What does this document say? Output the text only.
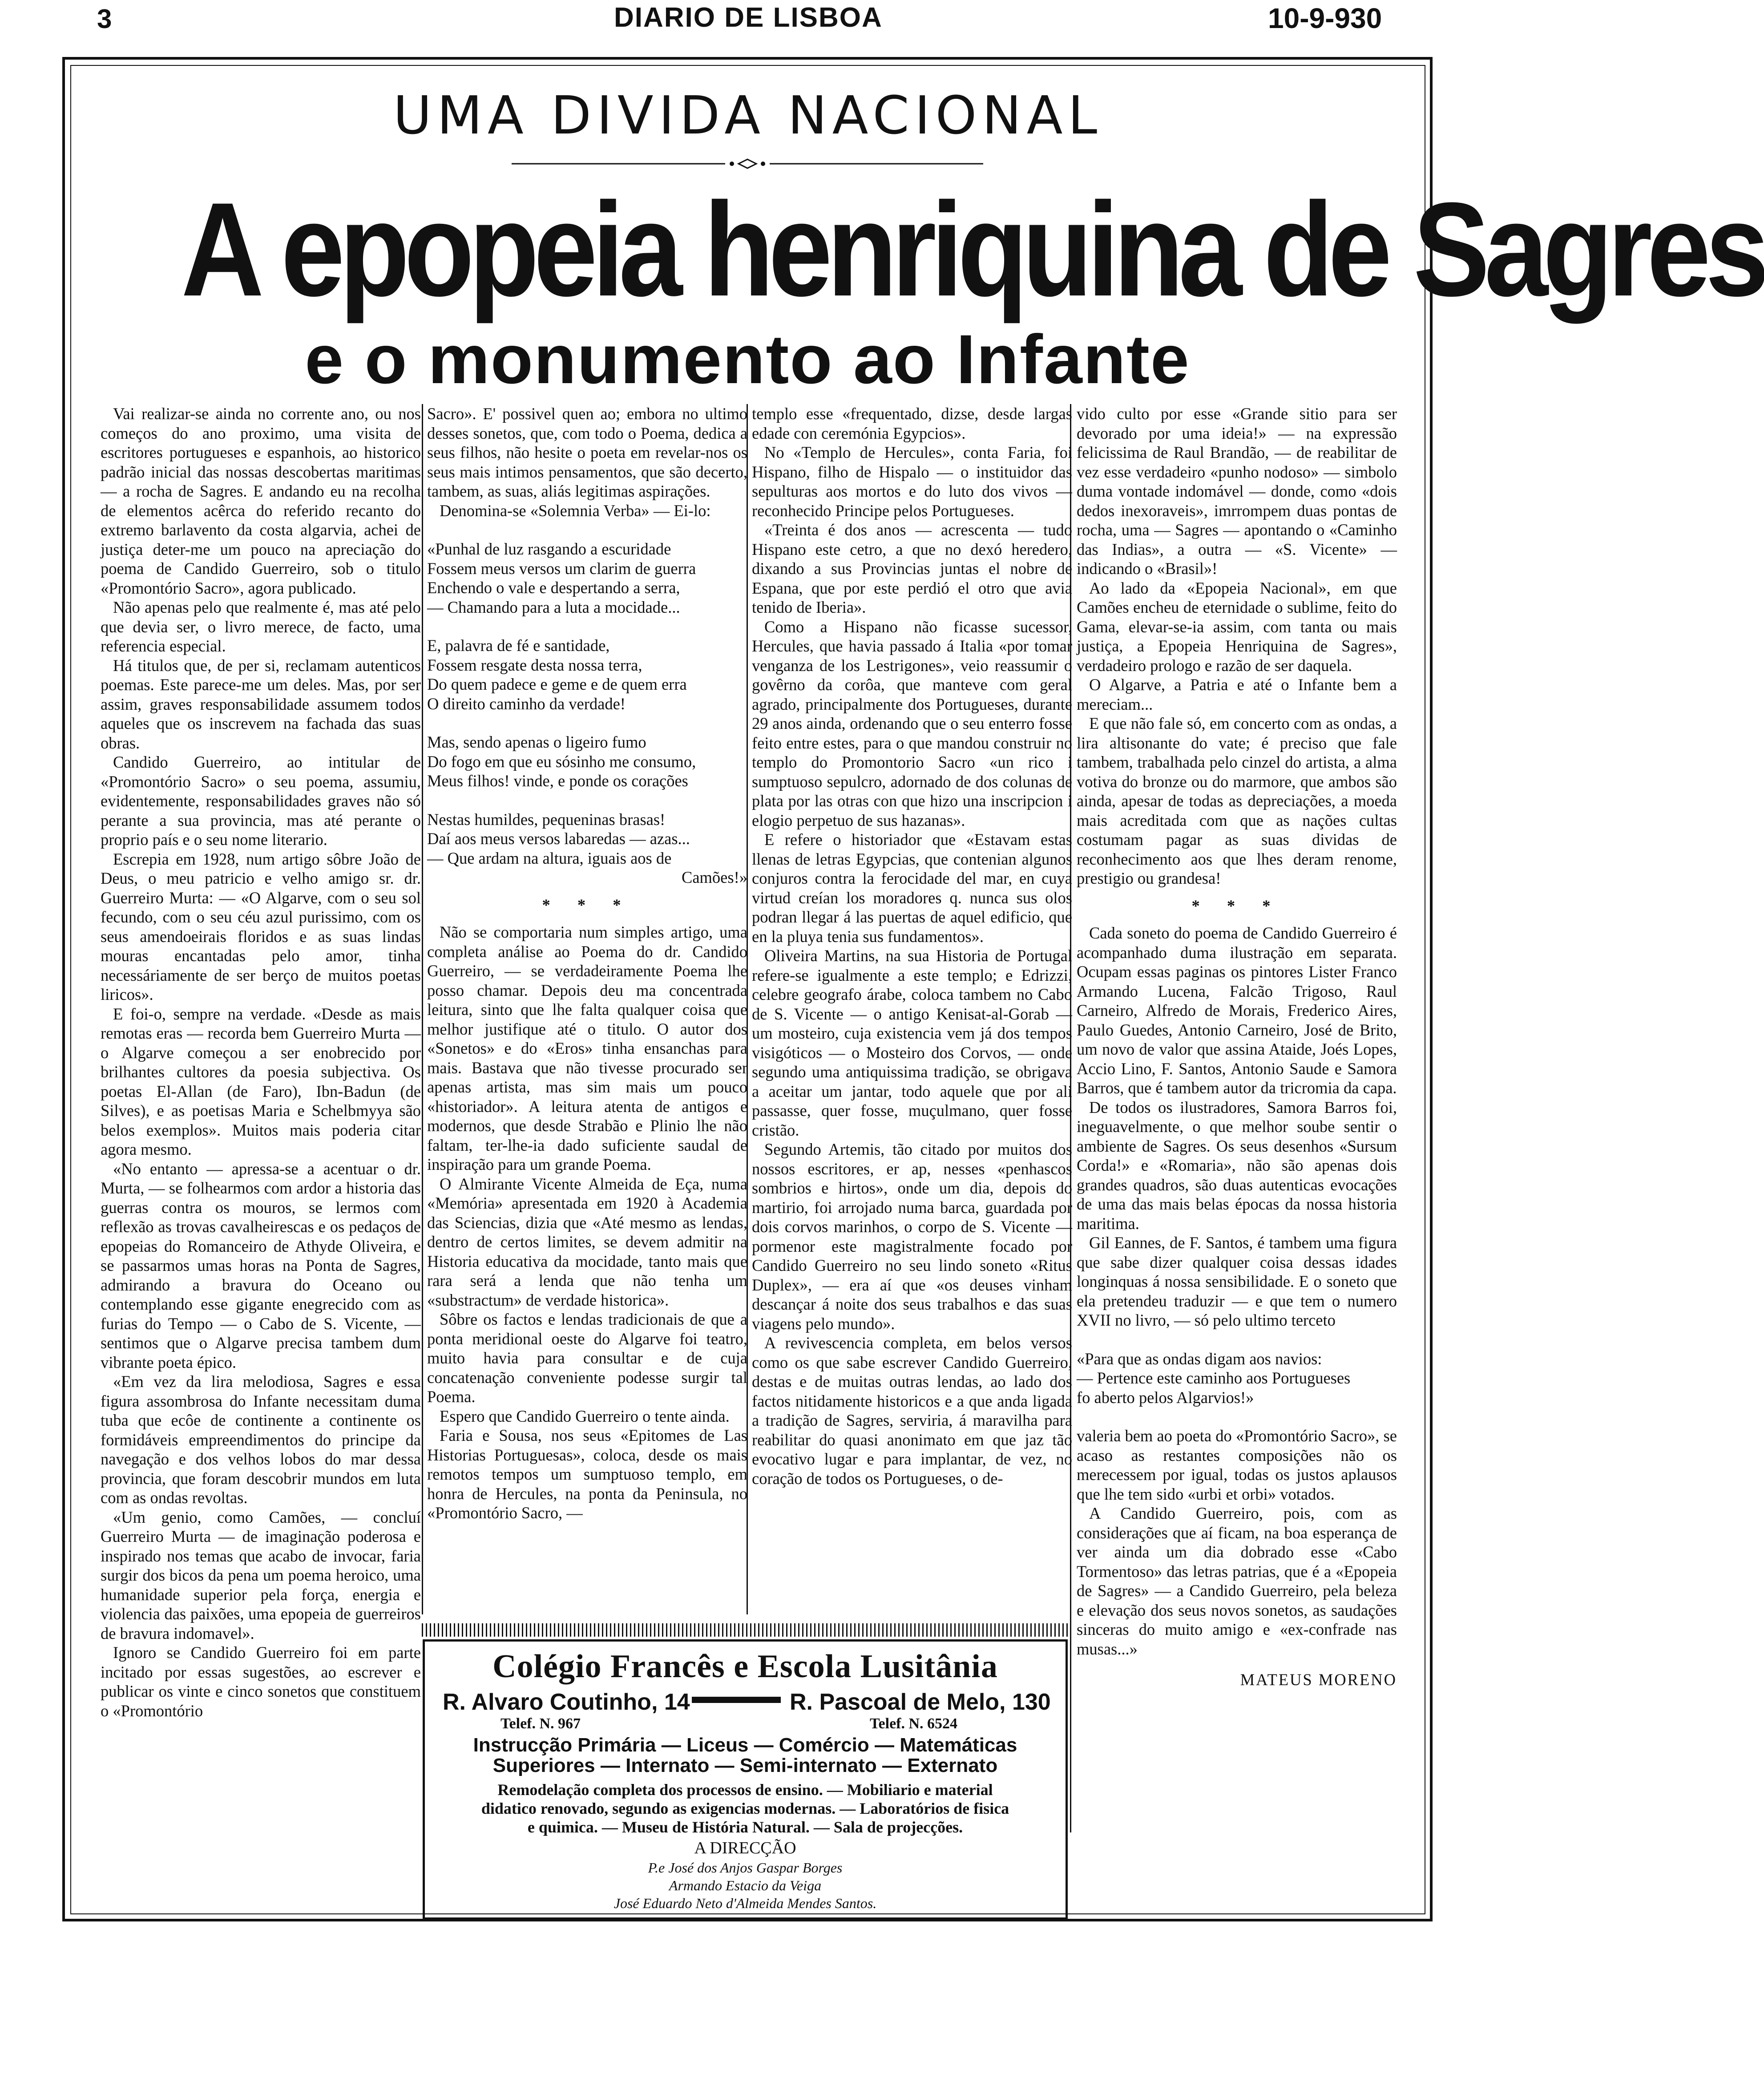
3	DIARIO DE LISBOA	10-9-930
UMA DIVIDA NACIONAL
A epopeia henriquina de Sagres
e o monumento ao Infante

Vai realizar-se ainda no corrente ano, ou nos começos do ano proximo, uma visita de escritores portugueses e espanhois, ao historico padrão inicial das nossas descobertas maritimas — a rocha de Sagres. E andando eu na recolha de elementos acêrca do referido recanto do extremo barlavento da costa algarvia, achei de justiça deter-me um pouco na apreciação do poema de Candido Guerreiro, sob o titulo «Promontório Sacro», agora publicado.

Não apenas pelo que realmente é, mas até pelo que devia ser, o livro merece, de facto, uma referencia especial.

Há titulos que, de per si, reclamam autenticos poemas. Este parece-me um deles. Mas, por ser assim, graves responsabilidade assumem todos aqueles que os inscrevem na fachada das suas obras.

Candido Guerreiro, ao intitular de «Promontório Sacro» o seu poema, assumiu, evidentemente, responsabilidades graves não só perante a sua provincia, mas até perante o proprio país e o seu nome literario.

Escrepia em 1928, num artigo sôbre João de Deus, o meu patricio e velho amigo sr. dr. Guerreiro Murta: — «O Algarve, com o seu sol fecundo, com o seu céu azul purissimo, com os seus amendoeirais floridos e as suas lindas mouras encantadas pelo amor, tinha necessáriamente de ser berço de muitos poetas liricos».

E foi-o, sempre na verdade. «Desde as mais remotas eras — recorda bem Guerreiro Murta — o Algarve começou a ser enobrecido por brilhantes cultores da poesia subjectiva. Os poetas El-Allan (de Faro), Ibn-Badun (de Silves), e as poetisas Maria e Schelbmyya são belos exemplos». Muitos mais poderia citar agora mesmo.

«No entanto — apressa-se a acentuar o dr. Murta, — se folhearmos com ardor a historia das guerras contra os mouros, se lermos com reflexão as trovas cavalheirescas e os pedaços de epopeias do Romanceiro de Athyde Oliveira, e se passarmos umas horas na Ponta de Sagres, admirando a bravura do Oceano ou contemplando esse gigante enegrecido com as furias do Tempo — o Cabo de S. Vicente, — sentimos que o Algarve precisa tambem dum vibrante poeta épico.

«Em vez da lira melodiosa, Sagres e essa figura assombrosa do Infante necessitam duma tuba que ecôe de continente a continente os formidáveis empreendimentos do principe da navegação e dos velhos lobos do mar dessa provincia, que foram descobrir mundos em luta com as ondas revoltas.

«Um genio, como Camões, — concluí Guerreiro Murta — de imaginação poderosa e inspirado nos temas que acabo de invocar, faria surgir dos bicos da pena um poema heroico, uma humanidade superior pela força, energia e violencia das paixões, uma epopeia de guerreiros de bravura indomavel».

Ignoro se Candido Guerreiro foi em parte incitado por essas sugestões, ao escrever e publicar os vinte e cinco sonetos que constituem o «Promontório

Sacro». E' possivel quen ao; embora no ultimo desses sonetos, que, com todo o Poema, dedica a seus filhos, não hesite o poeta em revelar-nos os seus mais intimos pensamentos, que são decerto, tambem, as suas, aliás legitimas aspirações.

Denomina-se «Solemnia Verba» — Ei-lo:

«Punhal de luz rasgando a escuridade

Fossem meus versos um clarim de guerra

Enchendo o vale e despertando a serra,

— Chamando para a luta a mocidade...

E, palavra de fé e santidade,

Fossem resgate desta nossa terra,

Do quem padece e geme e de quem erra

O direito caminho da verdade!

Mas, sendo apenas o ligeiro fumo

Do fogo em que eu sósinho me consumo,

Meus filhos! vinde, e ponde os corações

Nestas humildes, pequeninas brasas!

Daí aos meus versos labaredas — azas...

— Que ardam na altura, iguais aos de

Camões!»

* * *

Não se comportaria num simples artigo, uma completa análise ao Poema do dr. Candido Guerreiro, — se verdadeiramente Poema lhe posso chamar. Depois deu ma concentrada leitura, sinto que lhe falta qualquer coisa que melhor justifique até o titulo. O autor dos «Sonetos» e do «Eros» tinha ensanchas para mais. Bastava que não tivesse procurado ser apenas artista, mas sim mais um pouco «historiador». A leitura atenta de antigos e modernos, que desde Strabão e Plinio lhe não faltam, ter-lhe-ia dado suficiente saudal de inspiração para um grande Poema.

O Almirante Vicente Almeida de Eça, numa «Memória» apresentada em 1920 à Academia das Sciencias, dizia que «Até mesmo as lendas, dentro de certos limites, se devem admitir na Historia educativa da mocidade, tanto mais que rara será a lenda que não tenha um «substractum» de verdade historica».

Sôbre os factos e lendas tradicionais de que a ponta meridional oeste do Algarve foi teatro, muito havia para consultar e de cuja concatenação conveniente podesse surgir tal Poema.

Espero que Candido Guerreiro o tente ainda.

Faria e Sousa, nos seus «Epitomes de Las Historias Portuguesas», coloca, desde os mais remotos tempos um sumptuoso templo, em honra de Hercules, na ponta da Peninsula, no «Promontório Sacro, —

templo esse «frequentado, dizse, desde largas edade con ceremónia Egypcios».

No «Templo de Hercules», conta Faria, foi Hispano, filho de Hispalo — o instituidor das sepulturas aos mortos e do luto dos vivos — reconhecido Principe pelos Portugueses.

«Treinta é dos anos — acrescenta — tudo Hispano este cetro, a que no dexó heredero, dixando a sus Provincias juntas el nobre de Espana, que por este perdió el otro que avia tenido de Iberia».

Como a Hispano não ficasse sucessor, Hercules, que havia passado á Italia «por tomar venganza de los Lestrigones», veio reassumir o govêrno da corôa, que manteve com geral agrado, principalmente dos Portugueses, durante 29 anos ainda, ordenando que o seu enterro fosse feito entre estes, para o que mandou construir no templo do Promontorio Sacro «un rico i sumptuoso sepulcro, adornado de dos colunas de plata por las otras con que hizo una inscripcion i elogio perpetuo de sus hazanas».

E refere o historiador que «Estavam estas llenas de letras Egypcias, que contenian algunos conjuros contra la ferocidade del mar, en cuya virtud creían los moradores q. nunca sus olos podran llegar á las puertas de aquel edificio, que en la pluya tenia sus fundamentos».

Oliveira Martins, na sua Historia de Portugal refere-se igualmente a este templo; e Edrizzi, celebre geografo árabe, coloca tambem no Cabo de S. Vicente — o antigo Kenisat-al-Gorab — um mosteiro, cuja existencia vem já dos tempos visigóticos — o Mosteiro dos Corvos, — onde segundo uma antiquissima tradição, se obrigava a aceitar um jantar, todo aquele que por ali passasse, quer fosse, muçulmano, quer fosse cristão.

Segundo Artemis, tão citado por muitos dos nossos escritores, er ap, nesses «penhascos sombrios e hirtos», onde um dia, depois do martirio, foi arrojado numa barca, guardada por dois corvos marinhos, o corpo de S. Vicente — pormenor este magistralmente focado por Candido Guerreiro no seu lindo soneto «Ritus Duplex», — era aí que «os deuses vinham descançar á noite dos seus trabalhos e das suas viagens pelo mundo».

A revivescencia completa, em belos versos como os que sabe escrever Candido Guerreiro, destas e de muitas outras lendas, ao lado dos factos nitidamente historicos e a que anda ligada a tradição de Sagres, serviria, á maravilha para reabilitar do quasi anonimato em que jaz tão evocativo lugar e para implantar, de vez, no coração de todos os Portugueses, o de-

vido culto por esse «Grande sitio para ser devorado por uma ideia!» — na expressão felicissima de Raul Brandão, — de reabilitar de vez esse verdadeiro «punho nodoso» — simbolo duma vontade indomável — donde, como «dois dedos inexoraveis», imrrompem duas pontas de rocha, uma — Sagres — apontando o «Caminho das Indias», a outra — «S. Vicente» — indicando o «Brasil»!

Ao lado da «Epopeia Nacional», em que Camões encheu de eternidade o sublime, feito do Gama, elevar-se-ia assim, com tanta ou mais justiça, a Epopeia Henriquina de Sagres», verdadeiro prologo e razão de ser daquela.

O Algarve, a Patria e até o Infante bem a mereciam...

E que não fale só, em concerto com as ondas, a lira altisonante do vate; é preciso que fale tambem, trabalhada pelo cinzel do artista, a alma votiva do bronze ou do marmore, que ambos são ainda, apesar de todas as depreciações, a moeda mais acreditada com que as nações cultas costumam pagar as suas dividas de reconhecimento aos que lhes deram renome, prestigio ou grandesa!

* * *

Cada soneto do poema de Candido Guerreiro é acompanhado duma ilustração em separata. Ocupam essas paginas os pintores Lister Franco Armando Lucena, Falcão Trigoso, Raul Carneiro, Alfredo de Morais, Frederico Aires, Paulo Guedes, Antonio Carneiro, José de Brito, um novo de valor que assina Ataide, Joés Lopes, Accio Lino, F. Santos, Antonio Saude e Samora Barros, que é tambem autor da tricromia da capa.

De todos os ilustradores, Samora Barros foi, ineguavelmente, o que melhor soube sentir o ambiente de Sagres. Os seus desenhos «Sursum Corda!» e «Romaria», não são apenas dois grandes quadros, são duas autenticas evocações de uma das mais belas épocas da nossa historia maritima.

Gil Eannes, de F. Santos, é tambem uma figura que sabe dizer qualquer coisa dessas idades longinquas á nossa sensibilidade. E o soneto que ela pretendeu traduzir — e que tem o numero XVII no livro, — só pelo ultimo terceto

«Para que as ondas digam aos navios:

— Pertence este caminho aos Portugueses

fo aberto pelos Algarvios!»

valeria bem ao poeta do «Promontório Sacro», se acaso as restantes composições não os merecessem por igual, todas os justos aplausos que lhe tem sido «urbi et orbi» votados.

A Candido Guerreiro, pois, com as considerações que aí ficam, na boa esperança de ver ainda um dia dobrado esse «Cabo Tormentoso» das letras patrias, que é a «Epopeia de Sagres» — a Candido Guerreiro, pela beleza e elevação dos seus novos sonetos, as saudações sinceras do muito amigo e «ex-confrade nas musas...»

MATEUS MORENO

Colégio Francês e Escola Lusitânia
R. Alvaro Coutinho, 14	R. Pascoal de Melo, 130
Telef. N. 967	Telef. N. 6524
Instrucção Primária — Liceus — Comércio — Matemáticas
Superiores — Internato — Semi-internato — Externato
Remodelação completa dos processos de ensino. — Mobiliario e material
didatico renovado, segundo as exigencias modernas. — Laboratórios de fisica
e quimica. — Museu de História Natural. — Sala de projecções.
A DIRECÇÃO
P.e José dos Anjos Gaspar Borges
Armando Estacio da Veiga
José Eduardo Neto d'Almeida Mendes Santos.
